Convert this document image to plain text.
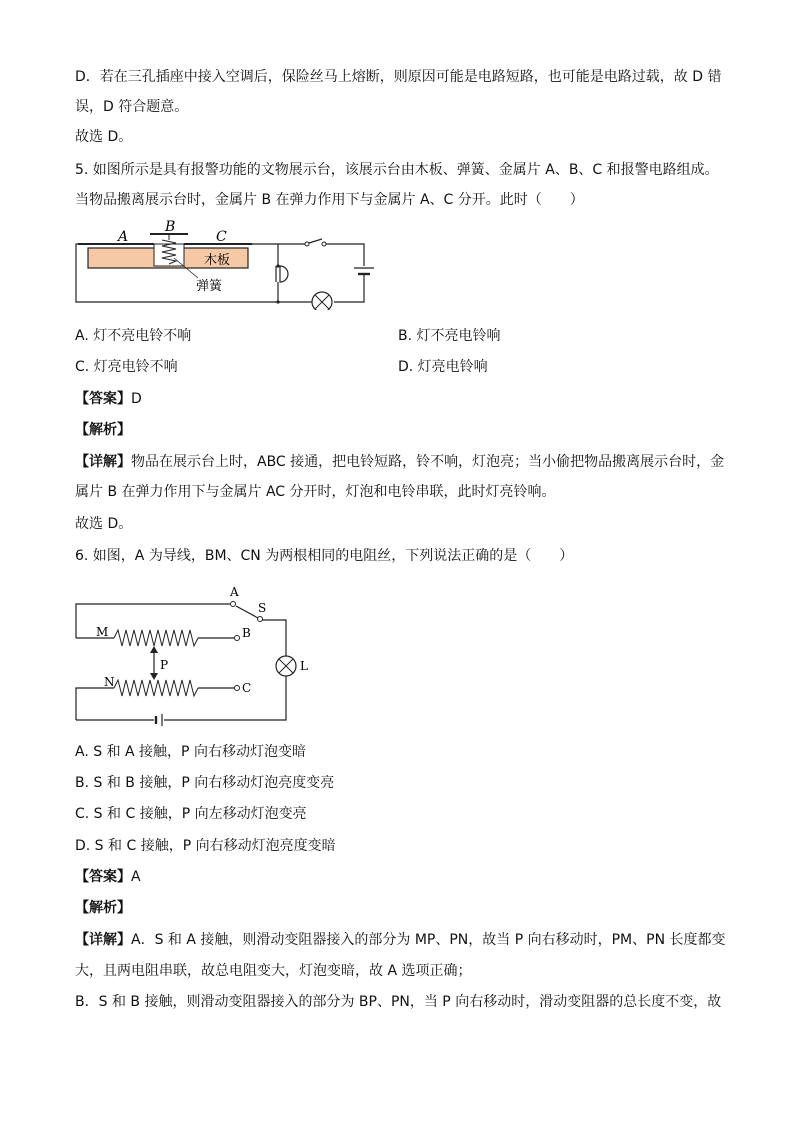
D．若在三孔插座中接入空调后，保险丝马上熔断，则原因可能是电路短路，也可能是电路过载，故 D 错
误，D 符合题意。
故选 D。
5. 如图所示是具有报警功能的文物展示台，该展示台由木板、弹簧、金属片 A、B、C 和报警电路组成。
当物品搬离展示台时，金属片 B 在弹力作用下与金属片 A、C 分开。此时（　　）
A
B
C
木板
弹簧
A. 灯不亮电铃不响	B. 灯不亮电铃响
C. 灯亮电铃不响	D. 灯亮电铃响
【答案】D
【解析】
【详解】物品在展示台上时，ABC 接通，把电铃短路，铃不响，灯泡亮；当小偷把物品搬离展示台时，金
属片 B 在弹力作用下与金属片 AC 分开时，灯泡和电铃串联，此时灯亮铃响。
故选 D。
6. 如图，A 为导线，BM、CN 为两根相同的电阻丝，下列说法正确的是（　　）
A
S
M	B
P
N	C
L
A. S 和 A 接触，P 向右移动灯泡变暗
B. S 和 B 接触，P 向右移动灯泡亮度变亮
C. S 和 C 接触，P 向左移动灯泡变亮
D. S 和 C 接触，P 向右移动灯泡亮度变暗
【答案】A
【解析】
【详解】A．S 和 A 接触，则滑动变阻器接入的部分为 MP、PN，故当 P 向右移动时，PM、PN 长度都变
大，且两电阻串联，故总电阻变大，灯泡变暗，故 A 选项正确；
B．S 和 B 接触，则滑动变阻器接入的部分为 BP、PN，当 P 向右移动时，滑动变阻器的总长度不变，故
